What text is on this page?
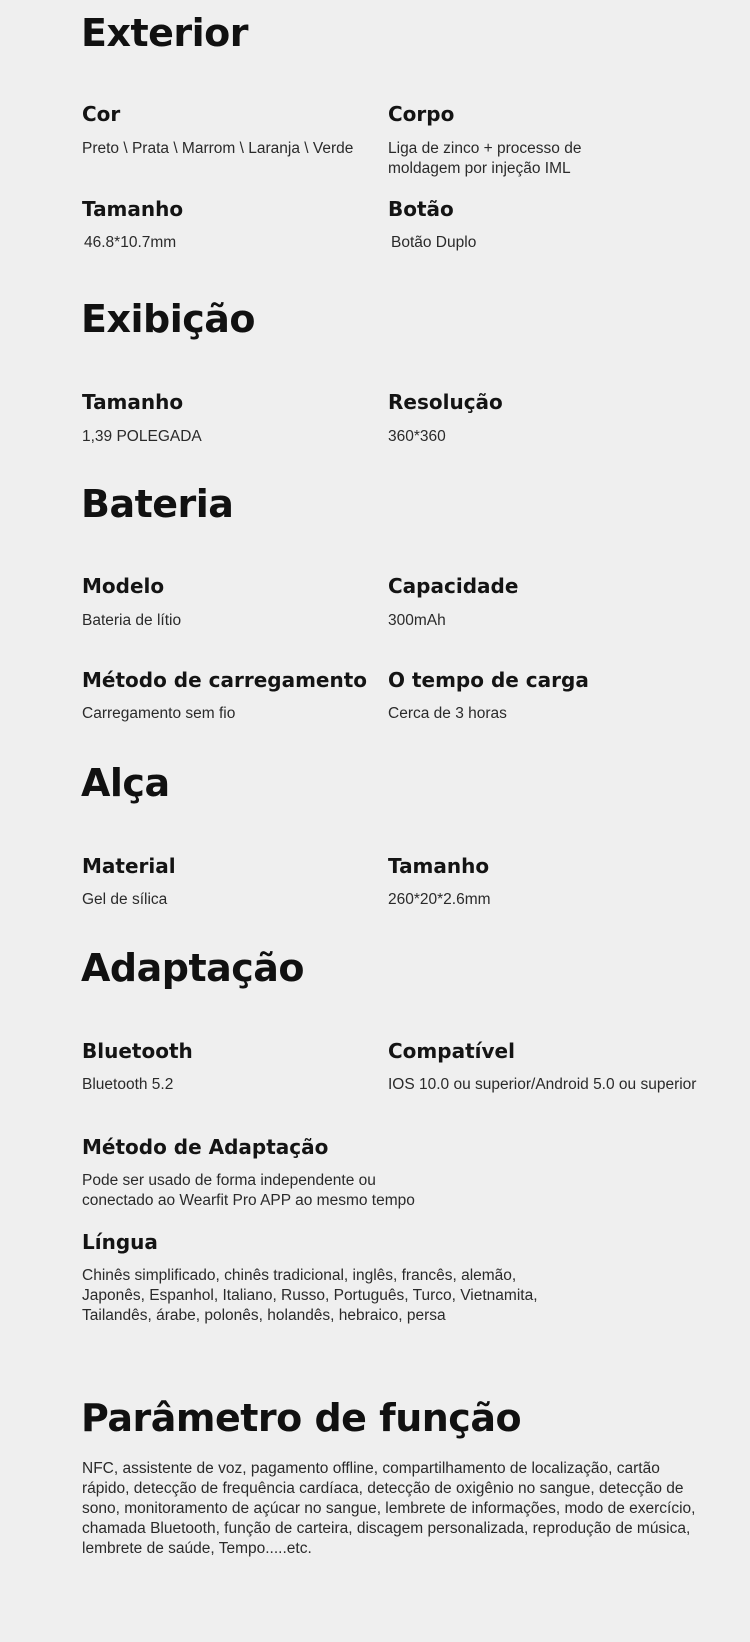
Exterior

Cor

Preto \ Prata \ Marrom \ Laranja \ Verde

Corpo

Liga de zinco + processo de moldagem por injeção IML

Tamanho

46.8*10.7mm

Botão

Botão Duplo

Exibição

Tamanho

1,39 POLEGADA

Resolução

360*360

Bateria

Modelo

Bateria de lítio

Capacidade

300mAh

Método de carregamento

Carregamento sem fio

O tempo de carga

Cerca de 3 horas

Alça

Material

Gel de sílica

Tamanho

260*20*2.6mm

Adaptação

Bluetooth

Bluetooth 5.2

Compatível

IOS 10.0 ou superior/Android 5.0 ou superior

Método de Adaptação

Pode ser usado de forma independente ou

conectado ao Wearfit Pro APP ao mesmo tempo

Língua

Chinês simplificado, chinês tradicional, inglês, francês, alemão,

Japonês, Espanhol, Italiano, Russo, Português, Turco, Vietnamita,

Tailandês, árabe, polonês, holandês, hebraico, persa

Parâmetro de função

NFC, assistente de voz, pagamento offline, compartilhamento de localização, cartão

rápido, detecção de frequência cardíaca, detecção de oxigênio no sangue, detecção de

sono, monitoramento de açúcar no sangue, lembrete de informações, modo de exercício,

chamada Bluetooth, função de carteira, discagem personalizada, reprodução de música,

lembrete de saúde, Tempo.....etc.
